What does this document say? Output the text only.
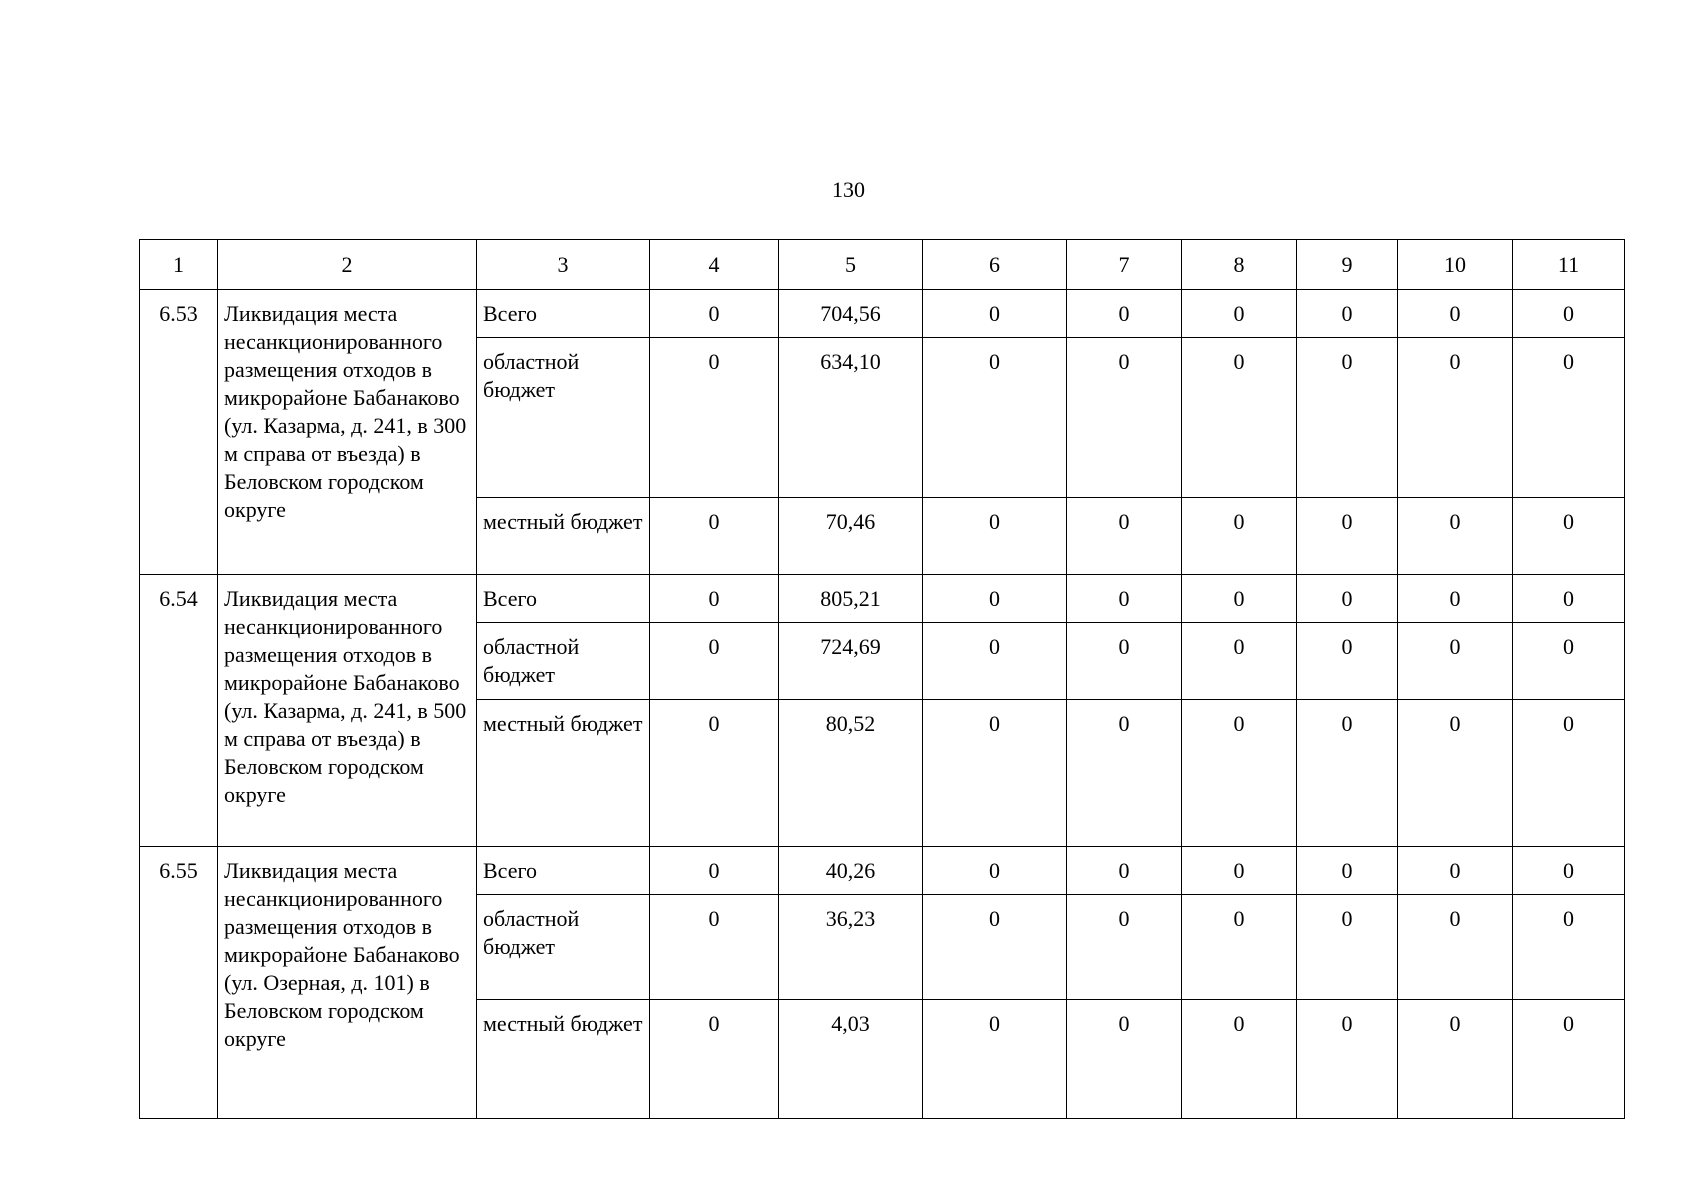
130
1	2	3	4	5	6	7	8	9	10	11
6.53	Ликвидация места несанкционированного размещения отходов в микрорайоне Бабанаково (ул. Казарма, д. 241, в 300 м справа от въезда) в Беловском городском округе	Всего	0	704,56	0	0	0	0	0	0
		областной бюджет	0	634,10	0	0	0	0	0	0
		местный бюджет	0	70,46	0	0	0	0	0	0
6.54	Ликвидация места несанкционированного размещения отходов в микрорайоне Бабанаково (ул. Казарма, д. 241, в 500 м справа от въезда) в Беловском городском округе	Всего	0	805,21	0	0	0	0	0	0
		областной бюджет	0	724,69	0	0	0	0	0	0
		местный бюджет	0	80,52	0	0	0	0	0	0
6.55	Ликвидация места несанкционированного размещения отходов в микрорайоне Бабанаково (ул. Озерная, д. 101) в Беловском городском округе	Всего	0	40,26	0	0	0	0	0	0
		областной бюджет	0	36,23	0	0	0	0	0	0
		местный бюджет	0	4,03	0	0	0	0	0	0
